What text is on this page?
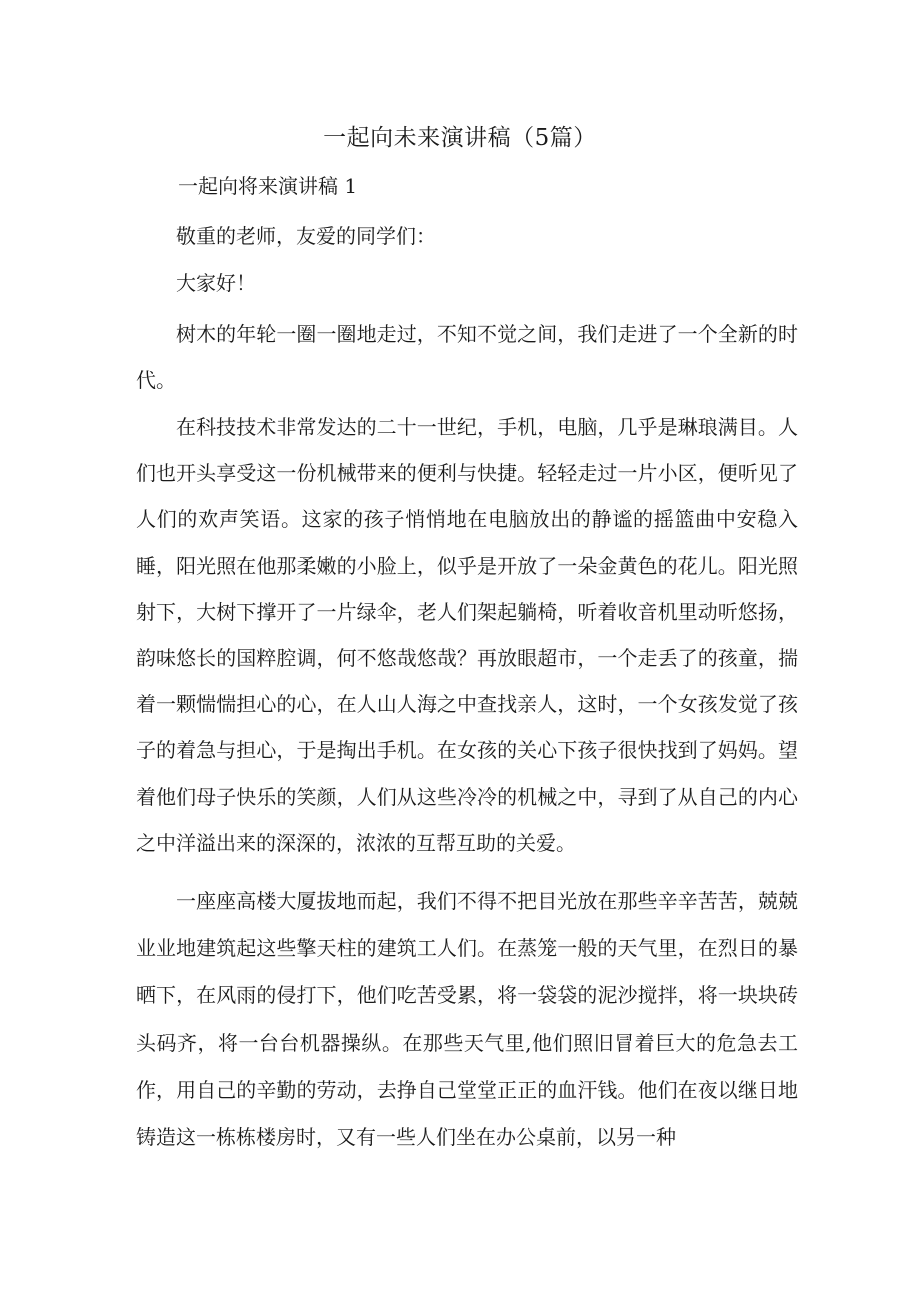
一起向未来演讲稿（5篇）
一起向将来演讲稿 1

敬重的老师，友爱的同学们：

大家好！

树木的年轮一圈一圈地走过，不知不觉之间，我们走进了一个全新的时代。

在科技技术非常发达的二十一世纪，手机，电脑，几乎是琳琅满目。人们也开头享受这一份机械带来的便利与快捷。轻轻走过一片小区，便听见了人们的欢声笑语。这家的孩子悄悄地在电脑放出的静谧的摇篮曲中安稳入睡，阳光照在他那柔嫩的小脸上，似乎是开放了一朵金黄色的花儿。阳光照射下，大树下撑开了一片绿伞，老人们架起躺椅，听着收音机里动听悠扬，韵味悠长的国粹腔调，何不悠哉悠哉？再放眼超市，一个走丢了的孩童，揣着一颗惴惴担心的心，在人山人海之中查找亲人，这时，一个女孩发觉了孩子的着急与担心，于是掏出手机。在女孩的关心下孩子很快找到了妈妈。望着他们母子快乐的笑颜，人们从这些冷冷的机械之中，寻到了从自己的内心之中洋溢出来的深深的，浓浓的互帮互助的关爱。

一座座高楼大厦拔地而起，我们不得不把目光放在那些辛辛苦苦，兢兢业业地建筑起这些擎天柱的建筑工人们。在蒸笼一般的天气里，在烈日的暴晒下，在风雨的侵打下，他们吃苦受累，将一袋袋的泥沙搅拌，将一块块砖头码齐，将一台台机器操纵。在那些天气里,他们照旧冒着巨大的危急去工作，用自己的辛勤的劳动，去挣自己堂堂正正的血汗钱。他们在夜以继日地铸造这一栋栋楼房时，又有一些人们坐在办公桌前，以另一种
